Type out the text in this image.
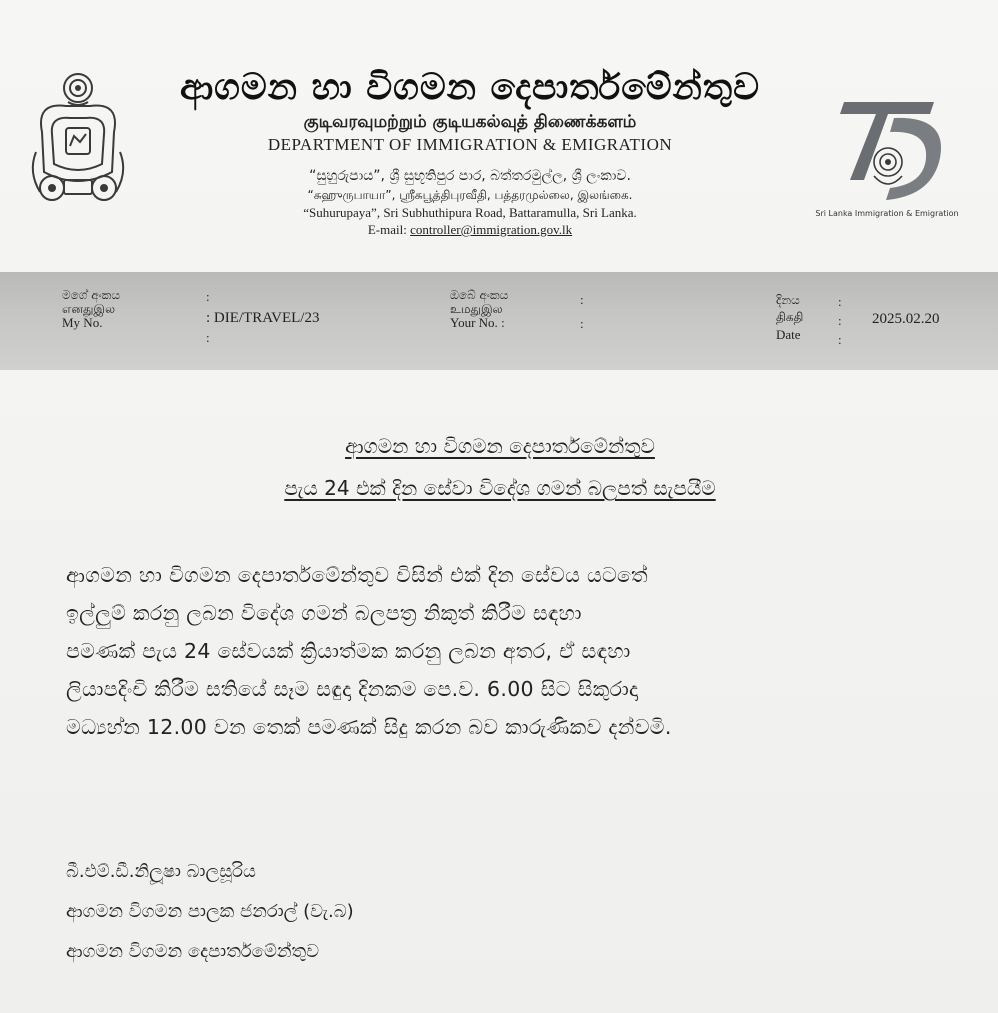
ආගමන හා විගමන දෙපාර්තමේන්තුව
குடிவரவுமற்றும் குடியகல்வுத் திணைக்களம்
DEPARTMENT OF IMMIGRATION & EMIGRATION
“සුහුරුපාය”, ශ්‍රී සුභූතිපුර පාර, බත්තරමුල්ල, ශ්‍රී ලංකාව.
“சுஹுருபாயா”, ஸ்ரீசுபூத்திபுரவீதி, பத்தரமுல்லை, இலங்கை.
“Suhurupaya”, Sri Subhuthipura Road, Battaramulla, Sri Lanka.
E-mail: controller@immigration.gov.lk
Sri Lanka Immigration & Emigration
මගේ අංකය
எனதுஇல
My No.
:
:
: DIE/TRAVEL/23
ඔබේ අංකය
உமதுஇல
Your No. :
:
:
දිනය
திகதி
Date
:
:
:
2025.02.20
ආගමන හා විගමන දෙපාර්තමේන්තුව
පැය 24 එක් දින සේවා විදේශ ගමන් බලපත් සැපයීම
ආගමන හා විගමන දෙපාර්තමේන්තුව විසින් එක් දින සේවය යටතේ
ඉල්ලුම් කරනු ලබන විදේශ ගමන් බලපත්‍ර නිකුත් කිරීම සඳහා
පමණක් පැය 24 සේවයක් ක්‍රියාත්මක කරනු ලබන අතර, ඒ සඳහා
ලියාපදිංචි කිරීම සතියේ සෑම සඳුදා දිනකම පෙ.ව. 6.00 සිට සිකුරාදා
මධ්‍යහ්න 12.00 වන තෙක් පමණක් සිදු කරන බව කාරුණිකව දන්වමි.
බී.එම්.ඩී.නිලූෂා බාලසූරිය
ආගමන විගමන පාලක ජනරාල් (වැ.බ)
ආගමන විගමන දෙපාර්තමේන්තුව
